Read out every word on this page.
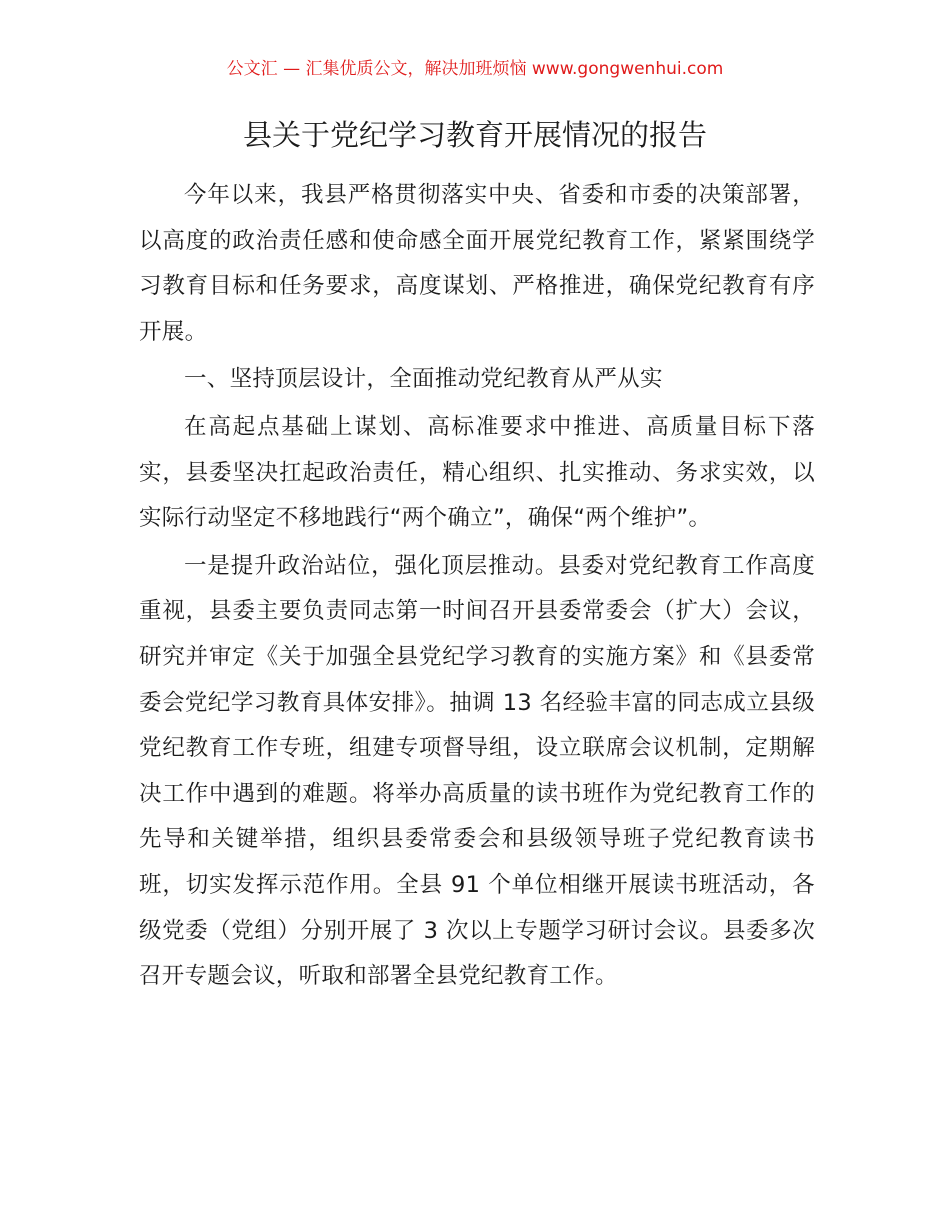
公文汇 — 汇集优质公文，解决加班烦恼 www.gongwenhui.com
县关于党纪学习教育开展情况的报告

今年以来，我县严格贯彻落实中央、省委和市委的决策部署，以高度的政治责任感和使命感全面开展党纪教育工作，紧紧围绕学习教育目标和任务要求，高度谋划、严格推进，确保党纪教育有序开展。

一、坚持顶层设计，全面推动党纪教育从严从实

在高起点基础上谋划、高标准要求中推进、高质量目标下落实，县委坚决扛起政治责任，精心组织、扎实推动、务求实效，以实际行动坚定不移地践行“两个确立”，确保“两个维护”。

一是提升政治站位，强化顶层推动。县委对党纪教育工作高度重视，县委主要负责同志第一时间召开县委常委会（扩大）会议，研究并审定《关于加强全县党纪学习教育的实施方案》和《县委常委会党纪学习教育具体安排》。抽调 13 名经验丰富的同志成立县级党纪教育工作专班，组建专项督导组，设立联席会议机制，定期解决工作中遇到的难题。将举办高质量的读书班作为党纪教育工作的先导和关键举措，组织县委常委会和县级领导班子党纪教育读书班，切实发挥示范作用。全县 91 个单位相继开展读书班活动，各级党委（党组）分别开展了 3 次以上专题学习研讨会议。县委多次召开专题会议，听取和部署全县党纪教育工作。
